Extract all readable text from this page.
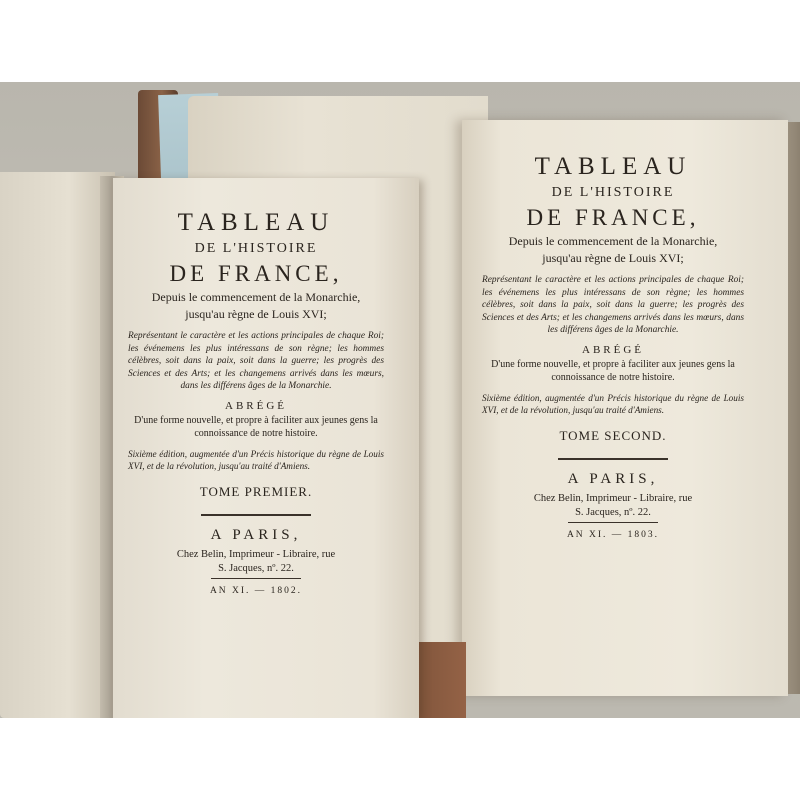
TABLEAU
DE L'HISTOIRE
DE FRANCE,
Depuis le commencement de la Monarchie,
jusqu'au règne de Louis XVI;
Représentant le caractère et les actions principales de chaque Roi; les événemens les plus intéressans de son règne; les hommes célèbres, soit dans la paix, soit dans la guerre; les progrès des Sciences et des Arts; et les changemens arrivés dans les mœurs, dans les différens âges de la Monarchie.
ABRÉGÉ
D'une forme nouvelle, et propre à faciliter aux jeunes gens la connoissance de notre histoire.
Sixième édition, augmentée d'un Précis historique du règne de Louis XVI, et de la révolution, jusqu'au traité d'Amiens.
TOME PREMIER.
A PARIS,
Chez Belin, Imprimeur - Libraire, rue
S. Jacques, nº. 22.
AN XI. — 1802.
TABLEAU
DE L'HISTOIRE
DE FRANCE,
Depuis le commencement de la Monarchie,
jusqu'au règne de Louis XVI;
Représentant le caractère et les actions principales de chaque Roi; les événemens les plus intéressans de son règne; les hommes célèbres, soit dans la paix, soit dans la guerre; les progrès des Sciences et des Arts; et les changemens arrivés dans les mœurs, dans les différens âges de la Monarchie.
ABRÉGÉ
D'une forme nouvelle, et propre à faciliter aux jeunes gens la connoissance de notre histoire.
Sixième édition, augmentée d'un Précis historique du règne de Louis XVI, et de la révolution, jusqu'au traité d'Amiens.
TOME SECOND.
A PARIS,
Chez Belin, Imprimeur - Libraire, rue
S. Jacques, nº. 22.
AN XI. — 1803.
